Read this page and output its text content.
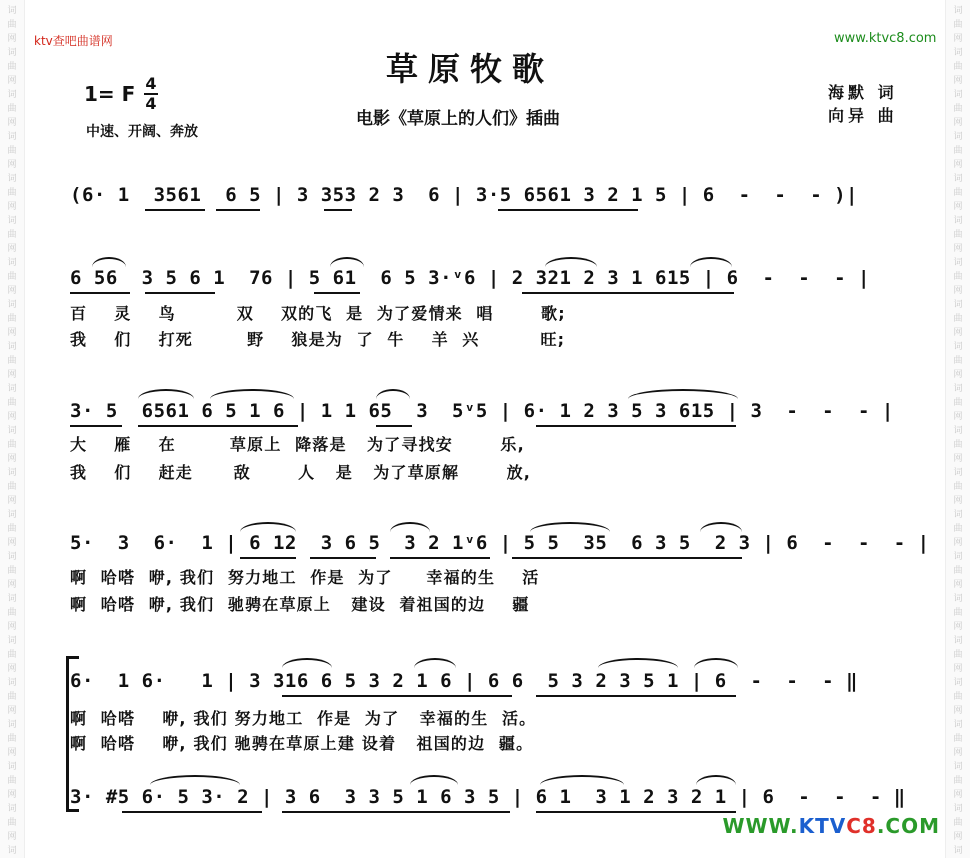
词
曲
网
词
曲
网
词
曲
网
词
曲
网
词
曲
网
词
曲
网
词
曲
网
词
曲
网
词
曲
网
词
曲
网
词
曲
网
词
曲
网
词
曲
网
词
曲
网
词
曲
网
词
曲
网
词
曲
网
词
曲
网
词
曲
网
词
曲
网
词
词
曲
网
词
曲
网
词
曲
网
词
曲
网
词
曲
网
词
曲
网
词
曲
网
词
曲
网
词
曲
网
词
曲
网
词
曲
网
词
曲
网
词
曲
网
词
曲
网
词
曲
网
词
曲
网
词
曲
网
词
曲
网
词
曲
网
词
曲
网
词
ktv查吧曲谱网	www.ktvc8.com
草原牧歌
1= F 4
4
电影《草原上的人们》插曲
海默 词
向异 曲
中速、开阔、奔放
(6· 1  3561  6 5 | 3 353 2 3  6 | 3·5 6561 3 2 1 5 | 6  -  -  - )|
6 56  3 5 6 1  76 | 5 61  6 5 3·ᵛ6 | 2 321 2 3 1 615 | 6  -  -  - |
百    灵    鸟         双    双的飞  是  为了爱情来  唱       歌;
我    们    打死        野    狼是为  了  牛    羊  兴         旺;
3· 5  6561 6 5 1 6 | 1 1 65  3  5ᵛ5 | 6· 1 2 3 5 3 615 | 3  -  -  - |
大    雁    在        草原上  降落是   为了寻找安       乐,
我    们    赶走      敌       人   是   为了草原解       放,
5·  3  6·  1 | 6 12  3 6 5  3 2 1ᵛ6 | 5 5  35  6 3 5  2 3 | 6  -  -  - |
啊  哈嗒  咿, 我们  努力地工  作是  为了     幸福的生    活
啊  哈嗒  咿, 我们  驰骋在草原上   建设  着祖国的边    疆
6·  1 6·   1 | 3 316 6 5 3 2 1 6 | 6 6  5 3 2 3 5 1 | 6  -  -  - ‖
啊  哈嗒    咿, 我们 努力地工  作是  为了   幸福的生  活。
啊  哈嗒    咿, 我们 驰骋在草原上建 设着   祖国的边  疆。
3· #5 6· 5 3· 2 | 3 6  3 3 5 1 6 3 5 | 6 1  3 1 2 3 2 1 | 6  -  -  - ‖
WWW.KTVC8.COM
